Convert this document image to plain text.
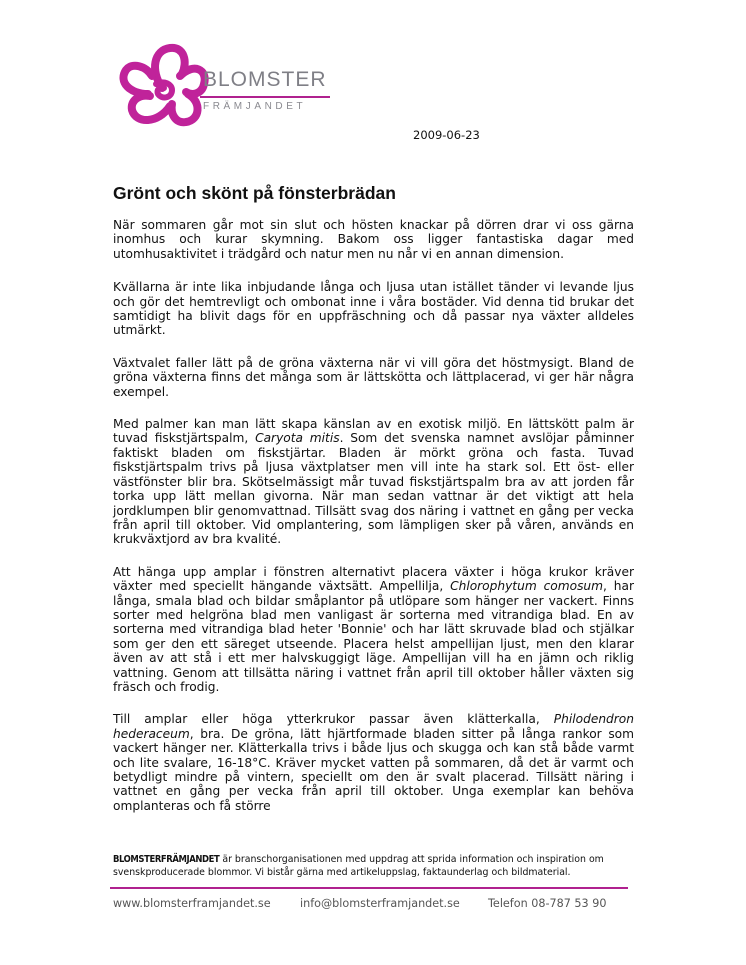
BLOMSTER
FRÄMJANDET
2009-06-23
Grönt och skönt på fönsterbrädan

När sommaren går mot sin slut och hösten knackar på dörren drar vi oss gärna inomhus och kurar skymning. Bakom oss ligger fantastiska dagar med utomhusaktivitet i trädgård och natur men nu når vi en annan dimension.

Kvällarna är inte lika inbjudande långa och ljusa utan istället tänder vi levande ljus och gör det hemtrevligt och ombonat inne i våra bostäder. Vid denna tid brukar det samtidigt ha blivit dags för en uppfräschning och då passar nya växter alldeles utmärkt.

Växtvalet faller lätt på de gröna växterna när vi vill göra det höstmysigt. Bland de gröna växterna finns det många som är lättskötta och lättplacerad, vi ger här några exempel.

Med palmer kan man lätt skapa känslan av en exotisk miljö. En lättskött palm är tuvad fiskstjärtspalm, Caryota mitis. Som det svenska namnet avslöjar påminner faktiskt bladen om fiskstjärtar. Bladen är mörkt gröna och fasta. Tuvad fiskstjärtspalm trivs på ljusa växtplatser men vill inte ha stark sol. Ett öst- eller västfönster blir bra. Skötselmässigt mår tuvad fiskstjärtspalm bra av att jorden får torka upp lätt mellan givorna. När man sedan vattnar är det viktigt att hela jordklumpen blir genomvattnad. Tillsätt svag dos näring i vattnet en gång per vecka från april till oktober. Vid omplantering, som lämpligen sker på våren, används en krukväxtjord av bra kvalité.

Att hänga upp amplar i fönstren alternativt placera växter i höga krukor kräver växter med speciellt hängande växtsätt. Ampellilja, Chlorophytum comosum, har långa, smala blad och bildar småplantor på utlöpare som hänger ner vackert. Finns sorter med helgröna blad men vanligast är sorterna med vitrandiga blad. En av sorterna med vitrandiga blad heter 'Bonnie' och har lätt skruvade blad och stjälkar som ger den ett säreget utseende. Placera helst ampellijan ljust, men den klarar även av att stå i ett mer halvskuggigt läge. Ampellijan vill ha en jämn och riklig vattning. Genom att tillsätta näring i vattnet från april till oktober håller växten sig fräsch och frodig.

Till amplar eller höga ytterkrukor passar även klätterkalla, Philodendron hederaceum, bra. De gröna, lätt hjärtformade bladen sitter på långa rankor som vackert hänger ner. Klätterkalla trivs i både ljus och skugga och kan stå både varmt och lite svalare, 16-18°C. Kräver mycket vatten på sommaren, då det är varmt och betydligt mindre på vintern, speciellt om den är svalt placerad. Tillsätt näring i vattnet en gång per vecka från april till oktober. Unga exemplar kan behöva omplanteras och få större

BLOMSTERFRÄMJANDET är branschorganisationen med uppdrag att sprida information och inspiration om svenskproducerade blommor. Vi bistår gärna med artikeluppslag, faktaunderlag och bildmaterial.
www.blomsterframjandet.se	info@blomsterframjandet.se	Telefon 08-787 53 90
